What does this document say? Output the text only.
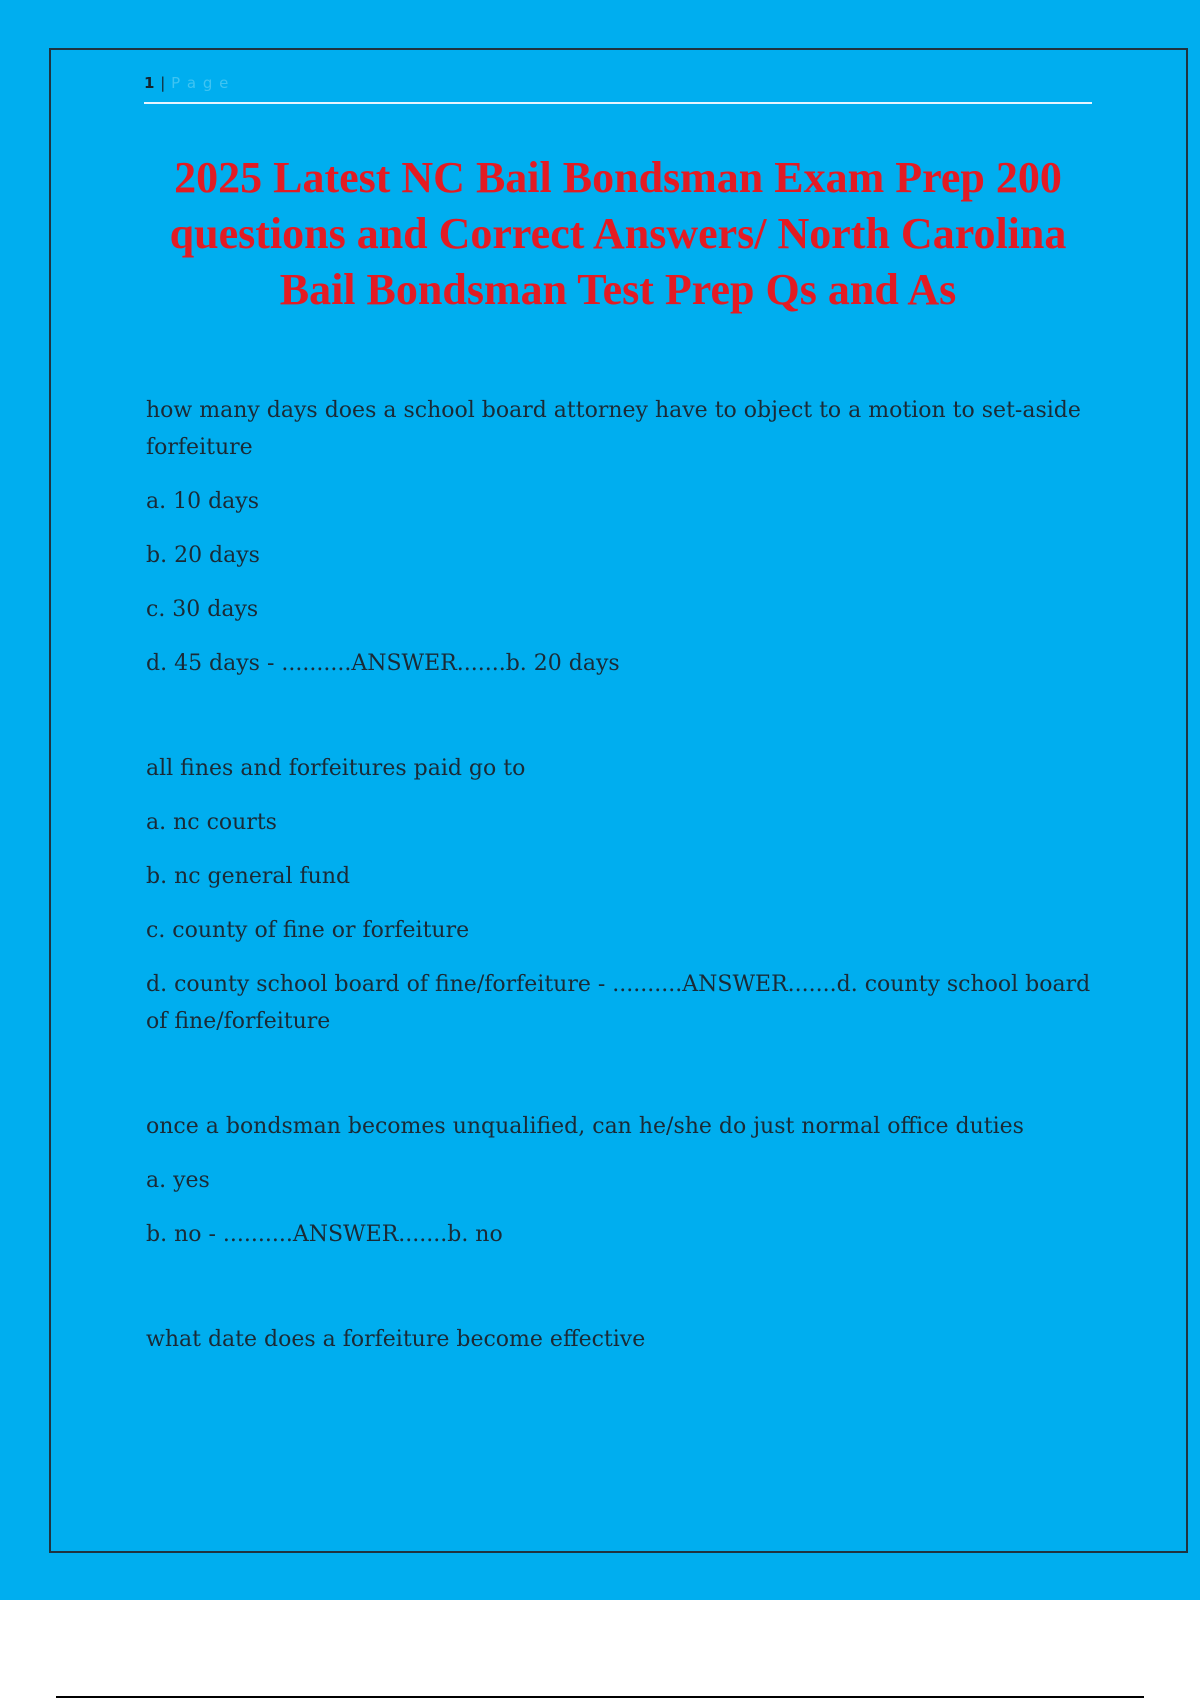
1 | P a g e
2025 Latest NC Bail Bondsman Exam Prep 200 questions and Correct Answers/ North Carolina Bail Bondsman Test Prep Qs and As
how many days does a school board attorney have to object to a motion to set-aside forfeiture
a. 10 days
b. 20 days
c. 30 days
d. 45 days - ..........ANSWER.......b. 20 days
all fines and forfeitures paid go to
a. nc courts
b. nc general fund
c. county of fine or forfeiture
d. county school board of fine/forfeiture - ..........ANSWER.......d. county school board of fine/forfeiture
once a bondsman becomes unqualified, can he/she do just normal office duties
a. yes
b. no - ..........ANSWER.......b. no
what date does a forfeiture become effective
